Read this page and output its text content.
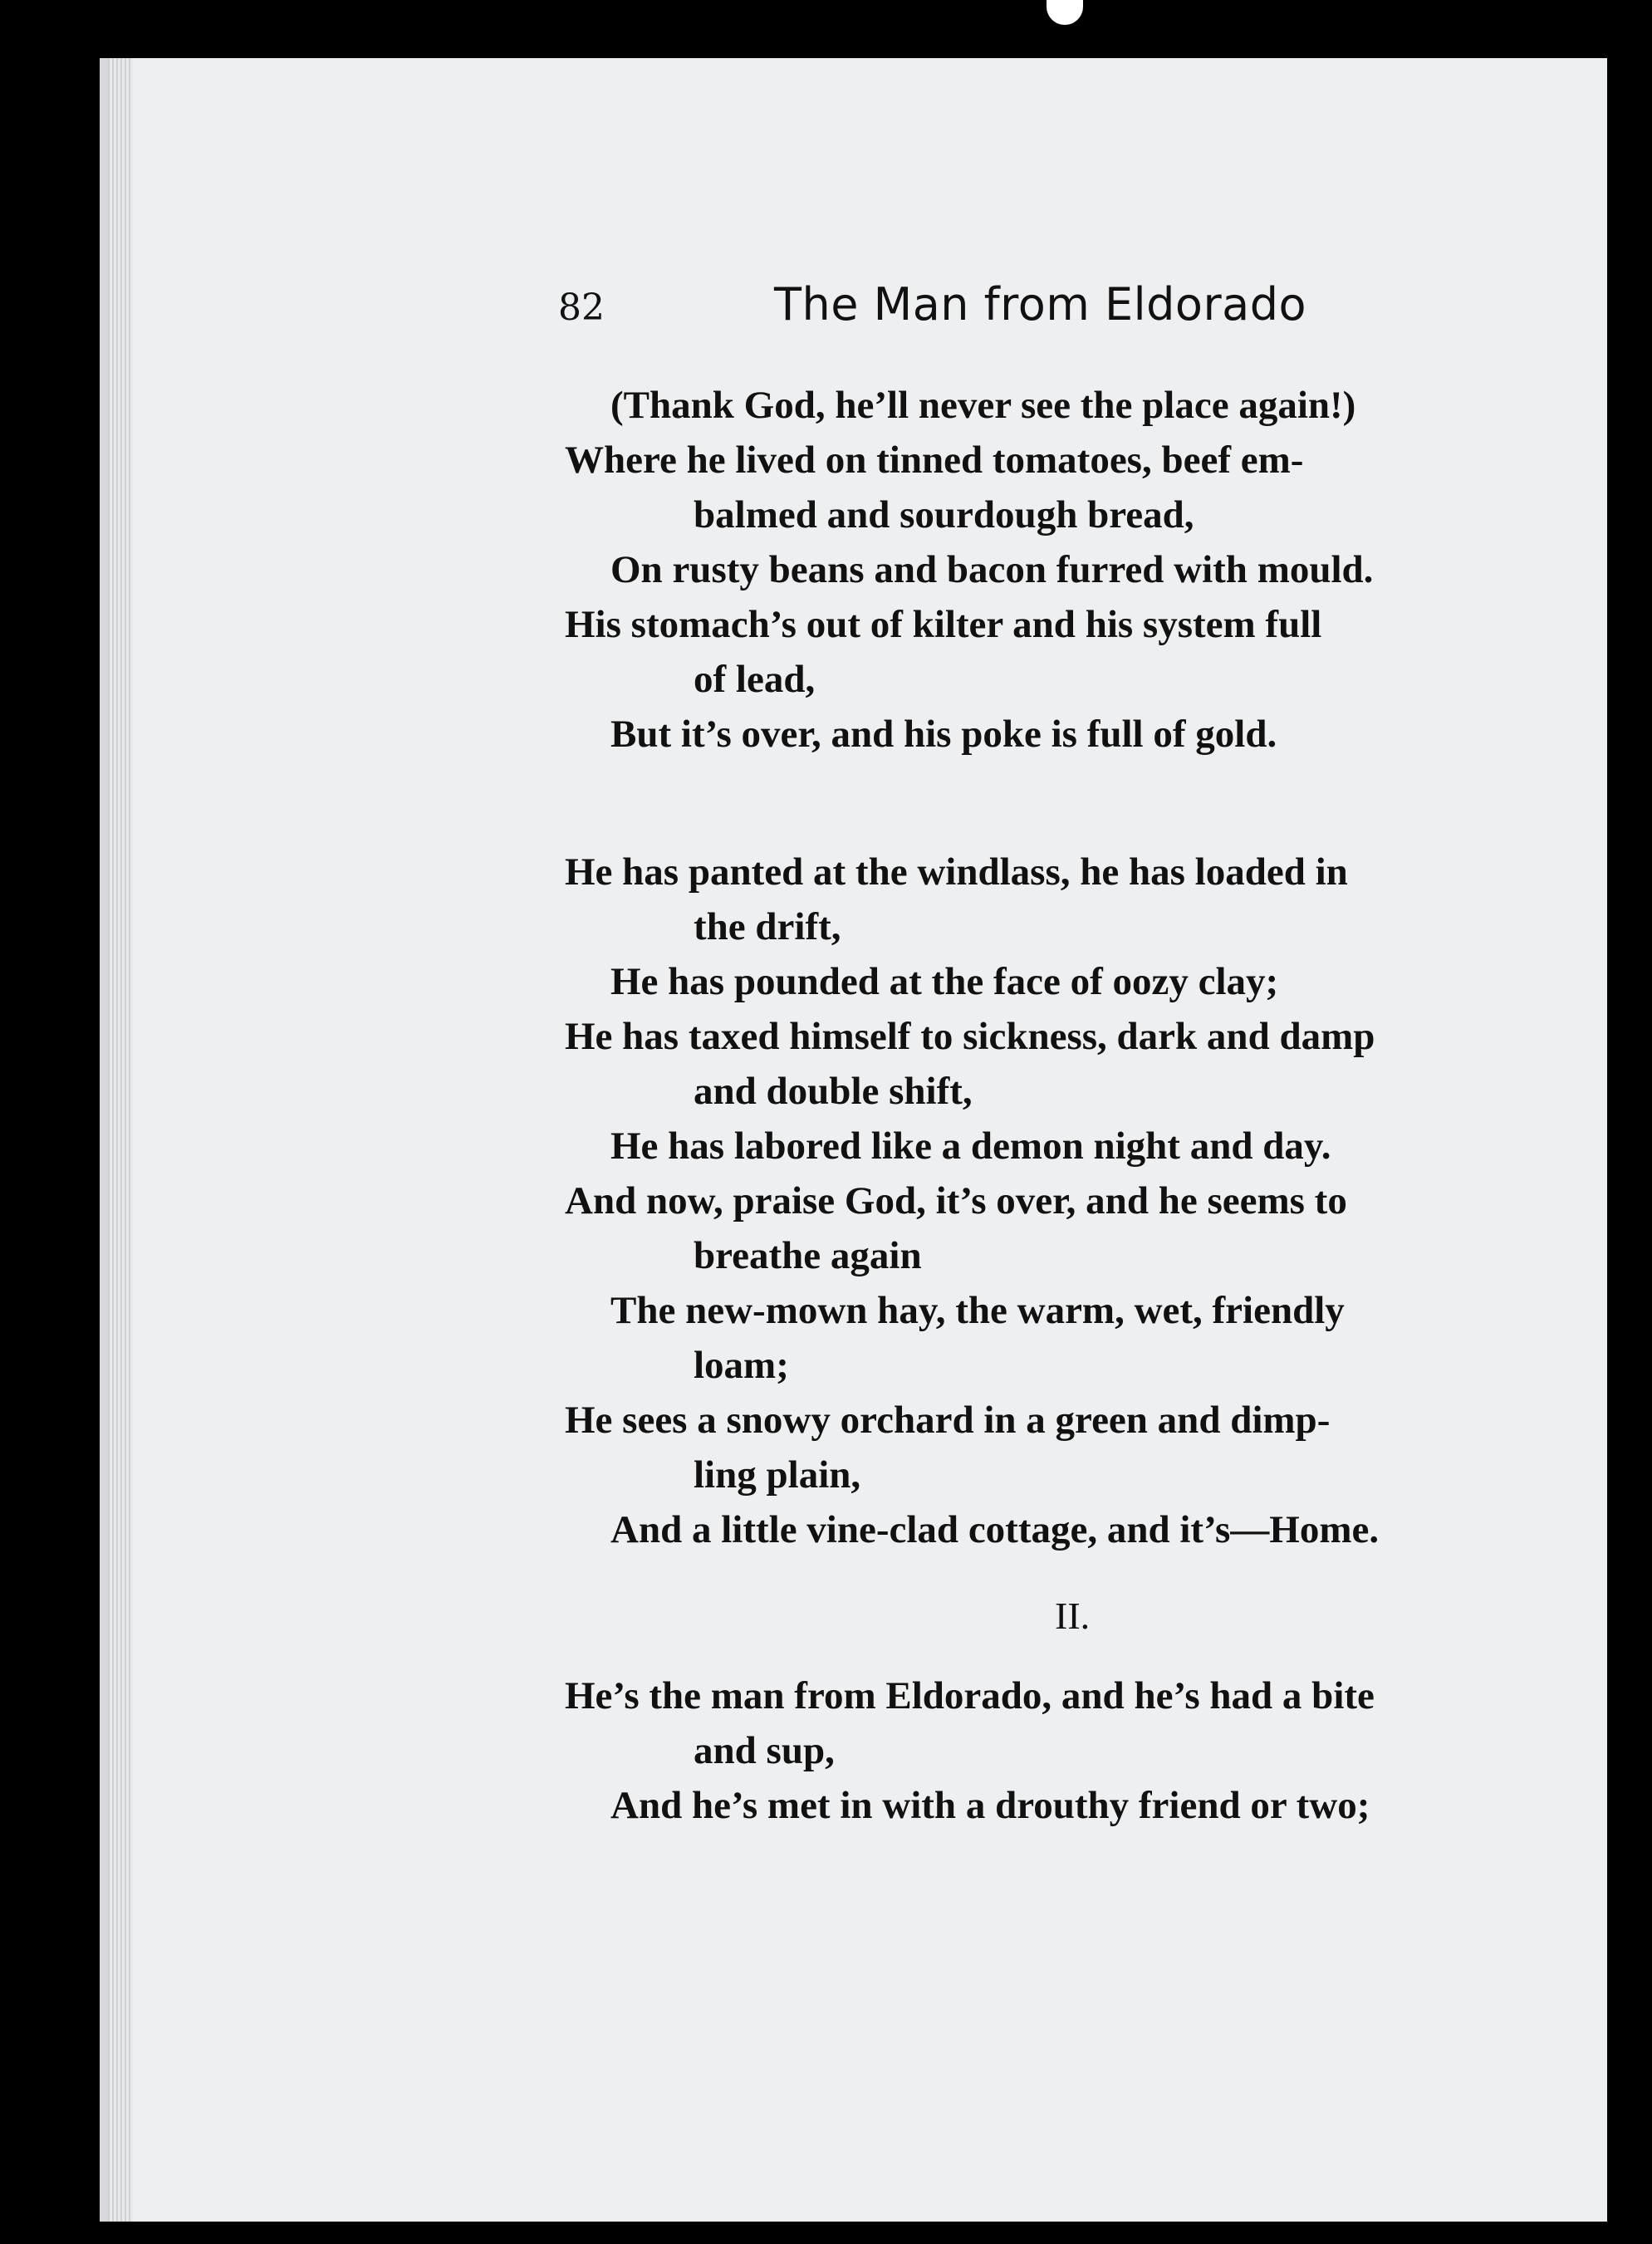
82	The Man from Eldorado
(Thank God, he’ll never see the place again!)
Where he lived on tinned tomatoes, beef em-
balmed and sourdough bread,
On rusty beans and bacon furred with mould.
His stomach’s out of kilter and his system full
of lead,
But it’s over, and his poke is full of gold.
He has panted at the windlass, he has loaded in
the drift,
He has pounded at the face of oozy clay;
He has taxed himself to sickness, dark and damp
and double shift,
He has labored like a demon night and day.
And now, praise God, it’s over, and he seems to
breathe again
The new-mown hay, the warm, wet, friendly
loam;
He sees a snowy orchard in a green and dimp-
ling plain,
And a little vine-clad cottage, and it’s—Home.
II.
He’s the man from Eldorado, and he’s had a bite
and sup,
And he’s met in with a drouthy friend or two;
